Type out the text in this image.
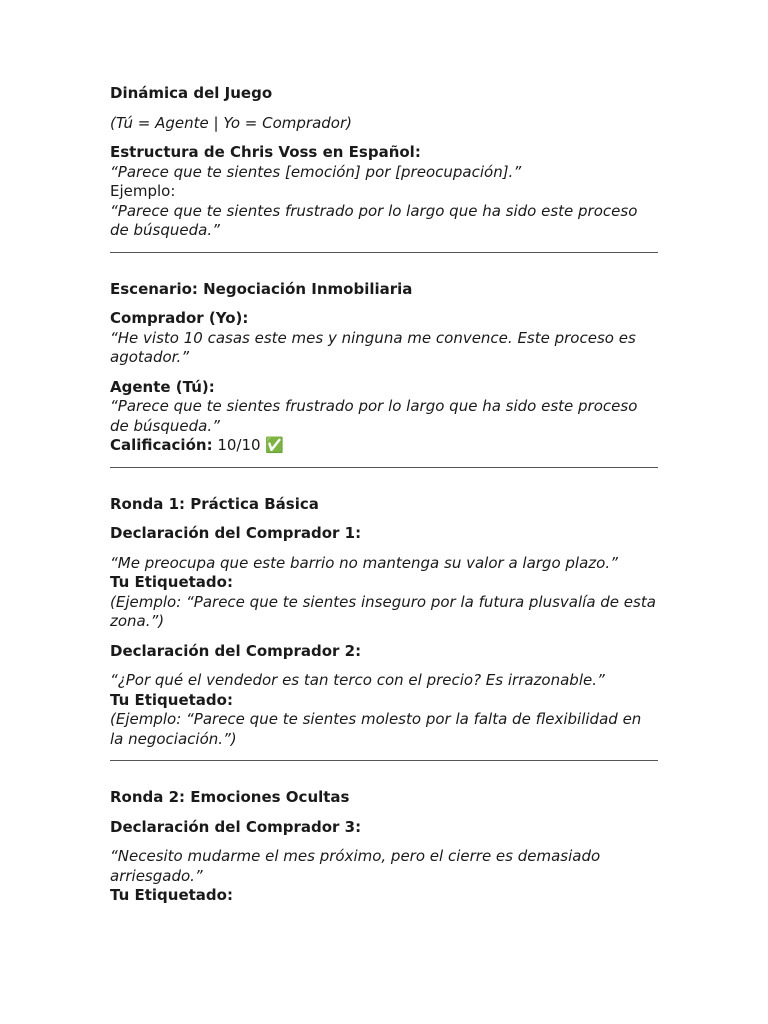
Dinámica del Juego

(Tú = Agente | Yo = Comprador)

Estructura de Chris Voss en Español:

“Parece que te sientes [emoción] por [preocupación].”

Ejemplo:

“Parece que te sientes frustrado por lo largo que ha sido este proceso de búsqueda.”

Escenario: Negociación Inmobiliaria

Comprador (Yo):

“He visto 10 casas este mes y ninguna me convence. Este proceso es agotador.”

Agente (Tú):

“Parece que te sientes frustrado por lo largo que ha sido este proceso de búsqueda.”

Calificación: 10/10 ✅

Ronda 1: Práctica Básica

Declaración del Comprador 1:

“Me preocupa que este barrio no mantenga su valor a largo plazo.”

Tu Etiquetado:

(Ejemplo: “Parece que te sientes inseguro por la futura plusvalía de esta zona.”)

Declaración del Comprador 2:

“¿Por qué el vendedor es tan terco con el precio? Es irrazonable.”

Tu Etiquetado:

(Ejemplo: “Parece que te sientes molesto por la falta de flexibilidad en la negociación.”)

Ronda 2: Emociones Ocultas

Declaración del Comprador 3:

“Necesito mudarme el mes próximo, pero el cierre es demasiado arriesgado.”

Tu Etiquetado:
